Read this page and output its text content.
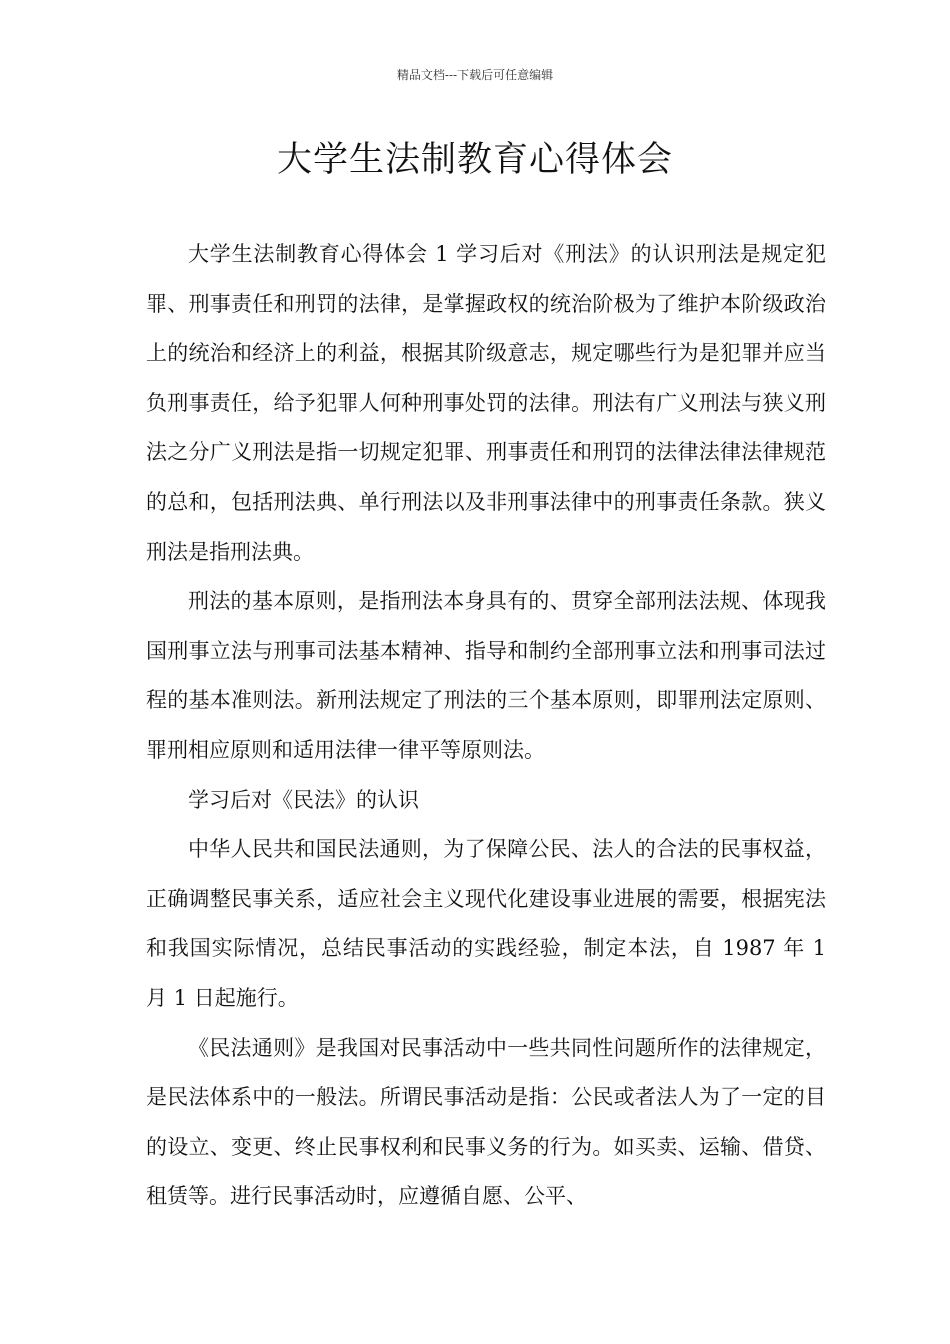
精品文档---下载后可任意编辑
大学生法制教育心得体会

大学生法制教育心得体会 1 学习后对《刑法》的认识刑法是规定犯罪、刑事责任和刑罚的法律，是掌握政权的统治阶极为了维护本阶级政治上的统治和经济上的利益，根据其阶级意志，规定哪些行为是犯罪并应当负刑事责任，给予犯罪人何种刑事处罚的法律。刑法有广义刑法与狭义刑法之分广义刑法是指一切规定犯罪、刑事责任和刑罚的法律法律法律规范的总和，包括刑法典、单行刑法以及非刑事法律中的刑事责任条款。狭义刑法是指刑法典。

刑法的基本原则，是指刑法本身具有的、贯穿全部刑法法规、体现我国刑事立法与刑事司法基本精神、指导和制约全部刑事立法和刑事司法过程的基本准则法。新刑法规定了刑法的三个基本原则，即罪刑法定原则、罪刑相应原则和适用法律一律平等原则法。

学习后对《民法》的认识

中华人民共和国民法通则，为了保障公民、法人的合法的民事权益，正确调整民事关系，适应社会主义现代化建设事业进展的需要，根据宪法和我国实际情况，总结民事活动的实践经验，制定本法，自 1987 年 1 月 1 日起施行。

《民法通则》是我国对民事活动中一些共同性问题所作的法律规定，是民法体系中的一般法。所谓民事活动是指：公民或者法人为了一定的目的设立、变更、终止民事权利和民事义务的行为。如买卖、运输、借贷、租赁等。进行民事活动时，应遵循自愿、公平、
